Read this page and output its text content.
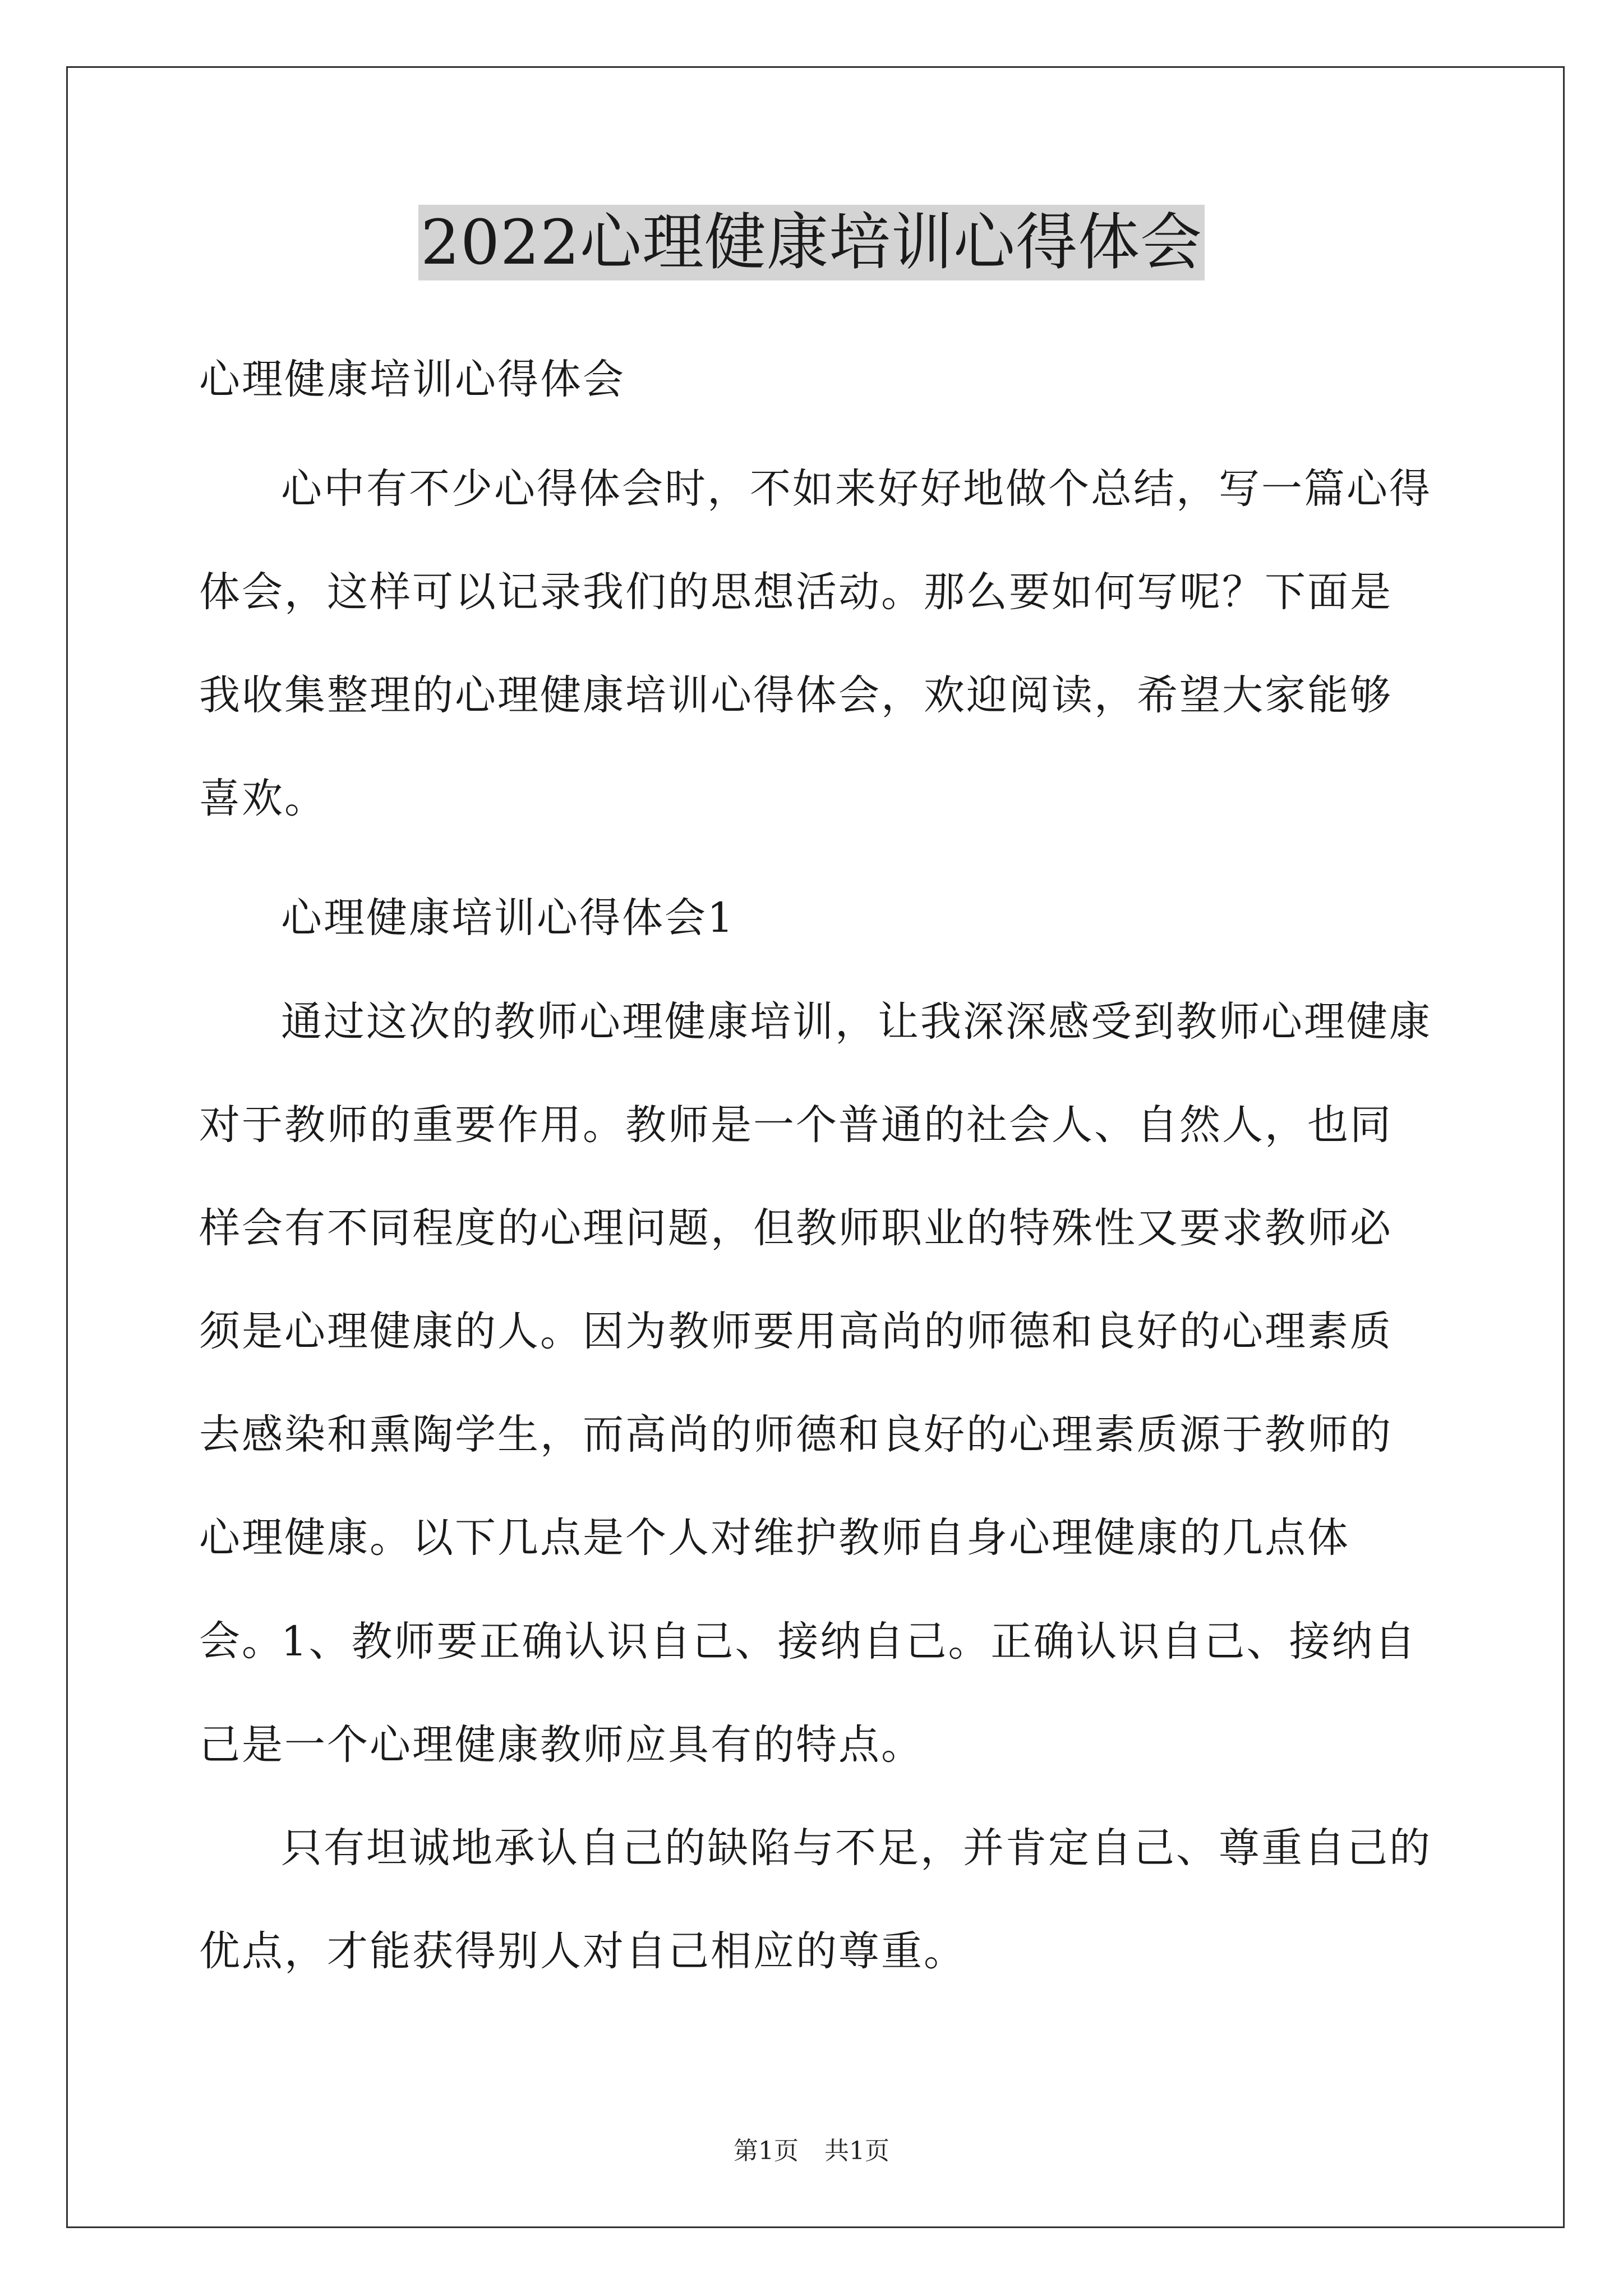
2022心理健康培训心得体会

心理健康培训心得体会

心中有不少心得体会时，不如来好好地做个总结，写一篇心得体会，这样可以记录我们的思想活动。那么要如何写呢？下面是我收集整理的心理健康培训心得体会，欢迎阅读，希望大家能够喜欢。

心理健康培训心得体会1

通过这次的教师心理健康培训，让我深深感受到教师心理健康对于教师的重要作用。教师是一个普通的社会人、自然人，也同样会有不同程度的心理问题，但教师职业的特殊性又要求教师必须是心理健康的人。因为教师要用高尚的师德和良好的心理素质去感染和熏陶学生，而高尚的师德和良好的心理素质源于教师的心理健康。以下几点是个人对维护教师自身心理健康的几点体会。

1、教师要正确认识自己、接纳自己。正确认识自己、接纳自己是一个心理健康教师应具有的特点。

只有坦诚地承认自己的缺陷与不足，并肯定自己、尊重自己的优点，才能获得别人对自己相应的尊重。

第1页 共1页
